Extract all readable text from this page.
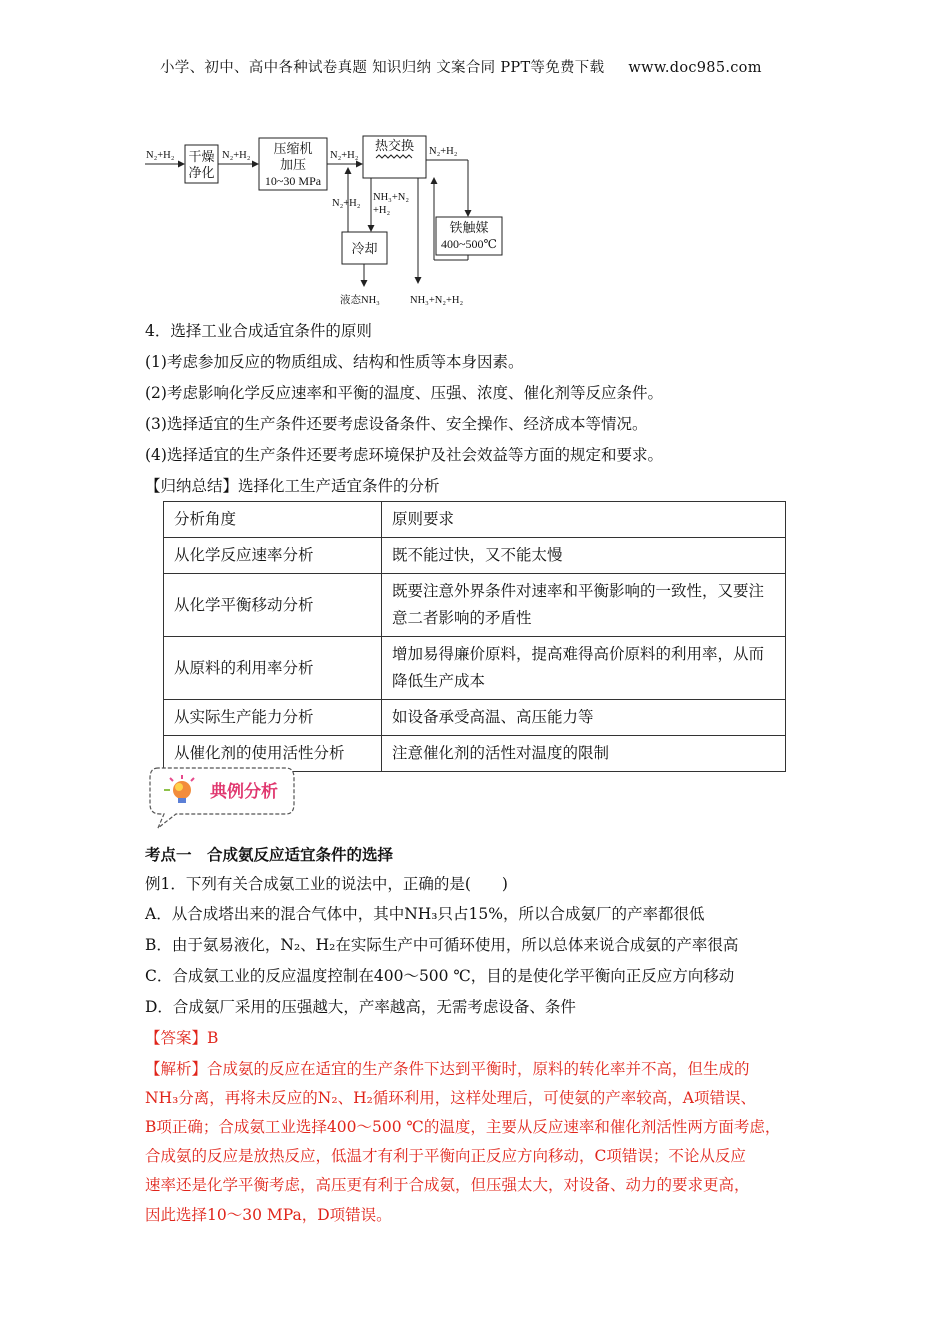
小学、初中、高中各种试卷真题 知识归纳 文案合同 PPT等免费下载 www.doc985.com
N₂+H₂	N₂+H₂	N₂+H₂	N₂+H₂
N₂+H₂
NH₃+N₂
+H₂
液态NH₃	NH₃+N₂+H₂
干燥
净化
压缩机
加压
10~30 MPa
热交换
铁触媒
400~500℃
冷却
4．选择工业合成适宜条件的原则
(1)考虑参加反应的物质组成、结构和性质等本身因素。
(2)考虑影响化学反应速率和平衡的温度、压强、浓度、催化剂等反应条件。
(3)选择适宜的生产条件还要考虑设备条件、安全操作、经济成本等情况。
(4)选择适宜的生产条件还要考虑环境保护及社会效益等方面的规定和要求。
【归纳总结】选择化工生产适宜条件的分析
分析角度	原则要求
从化学反应速率分析	既不能过快，又不能太慢
从化学平衡移动分析	既要注意外界条件对速率和平衡影响的一致性，又要注意二者影响的矛盾性
从原料的利用率分析	增加易得廉价原料，提高难得高价原料的利用率，从而降低生产成本
从实际生产能力分析	如设备承受高温、高压能力等
从催化剂的使用活性分析	注意催化剂的活性对温度的限制
典例分析
考点一　合成氨反应适宜条件的选择
例1．下列有关合成氨工业的说法中，正确的是(　　)
A．从合成塔出来的混合气体中，其中NH₃只占15%，所以合成氨厂的产率都很低
B．由于氨易液化，N₂、H₂在实际生产中可循环使用，所以总体来说合成氨的产率很高
C．合成氨工业的反应温度控制在400～500 ℃，目的是使化学平衡向正反应方向移动
D．合成氨厂采用的压强越大，产率越高，无需考虑设备、条件
【答案】B
【解析】合成氨的反应在适宜的生产条件下达到平衡时，原料的转化率并不高，但生成的
NH₃分离，再将未反应的N₂、H₂循环利用，这样处理后，可使氨的产率较高，A项错误、
B项正确；合成氨工业选择400～500 ℃的温度，主要从反应速率和催化剂活性两方面考虑，
合成氨的反应是放热反应，低温才有利于平衡向正反应方向移动，C项错误；不论从反应
速率还是化学平衡考虑，高压更有利于合成氨，但压强太大，对设备、动力的要求更高，
因此选择10～30 MPa，D项错误。
